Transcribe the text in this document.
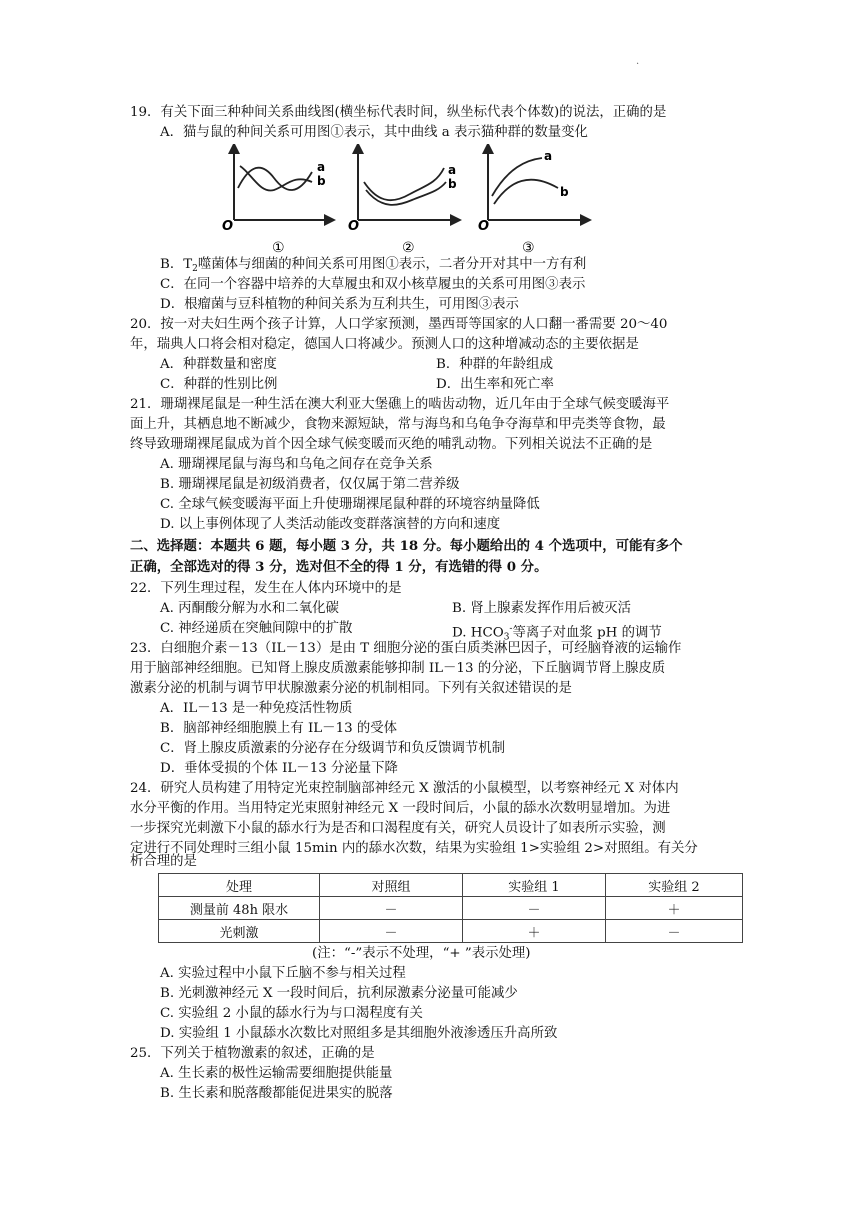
.
19．有关下面三种种间关系曲线图(横坐标代表时间，纵坐标代表个体数)的说法，正确的是
A．猫与鼠的种间关系可用图①表示，其中曲线 a 表示猫种群的数量变化
a
b
O
①
a
b
O
②
a
b
O
③
B．$T_2$噬菌体与细菌的种间关系可用图①表示，二者分开对其中一方有利
C．在同一个容器中培养的大草履虫和双小核草履虫的关系可用图③表示
D．根瘤菌与豆科植物的种间关系为互利共生，可用图③表示
20．按一对夫妇生两个孩子计算，人口学家预测，墨西哥等国家的人口翻一番需要 20～40
年，瑞典人口将会相对稳定，德国人口将减少。预测人口的这种增减动态的主要依据是
A．种群数量和密度	B．种群的年龄组成
C．种群的性别比例	D．出生率和死亡率
21．珊瑚裸尾鼠是一种生活在澳大利亚大堡礁上的啮齿动物，近几年由于全球气候变暖海平
面上升，其栖息地不断减少，食物来源短缺，常与海鸟和乌龟争夺海草和甲壳类等食物，最
终导致珊瑚裸尾鼠成为首个因全球气候变暖而灭绝的哺乳动物。下列相关说法不正确的是
A. 珊瑚裸尾鼠与海鸟和乌龟之间存在竞争关系
B. 珊瑚裸尾鼠是初级消费者，仅仅属于第二营养级
C. 全球气候变暖海平面上升使珊瑚裸尾鼠种群的环境容纳量降低
D. 以上事例体现了人类活动能改变群落演替的方向和速度
二、选择题：本题共 6 题，每小题 3 分，共 18 分。每小题给出的 4 个选项中，可能有多个
正确，全部选对的得 3 分，选对但不全的得 1 分，有选错的得 0 分。
22．下列生理过程，发生在人体内环境中的是
A. 丙酮酸分解为水和二氧化碳	B. 肾上腺素发挥作用后被灭活
C. 神经递质在突触间隙中的扩散	D. $HCO_3^-$等离子对血浆 pH 的调节
23．白细胞介素－13（IL－13）是由 T 细胞分泌的蛋白质类淋巴因子，可经脑脊液的运输作
用于脑部神经细胞。已知肾上腺皮质激素能够抑制 IL－13 的分泌，下丘脑调节肾上腺皮质
激素分泌的机制与调节甲状腺激素分泌的机制相同。下列有关叙述错误的是
A．IL－13 是一种免疫活性物质
B．脑部神经细胞膜上有 IL－13 的受体
C．肾上腺皮质激素的分泌存在分级调节和负反馈调节机制
D．垂体受损的个体 IL－13 分泌量下降
24．研究人员构建了用特定光束控制脑部神经元 X 激活的小鼠模型，以考察神经元 X 对体内
水分平衡的作用。当用特定光束照射神经元 X 一段时间后，小鼠的舔水次数明显增加。为进
一步探究光刺激下小鼠的舔水行为是否和口渴程度有关，研究人员设计了如表所示实验，测
定进行不同处理时三组小鼠 15min 内的舔水次数，结果为实验组 1>实验组 2>对照组。有关分
析合理的是
处理	对照组	实验组 1	实验组 2
测量前 48h 限水	－	－	＋
光刺激	－	＋	－
(注：“-”表示不处理，“+ ”表示处理)
A. 实验过程中小鼠下丘脑不参与相关过程
B. 光刺激神经元 X 一段时间后，抗利尿激素分泌量可能减少
C. 实验组 2 小鼠的舔水行为与口渴程度有关
D. 实验组 1 小鼠舔水次数比对照组多是其细胞外液渗透压升高所致
25．下列关于植物激素的叙述，正确的是
A. 生长素的极性运输需要细胞提供能量
B. 生长素和脱落酸都能促进果实的脱落
